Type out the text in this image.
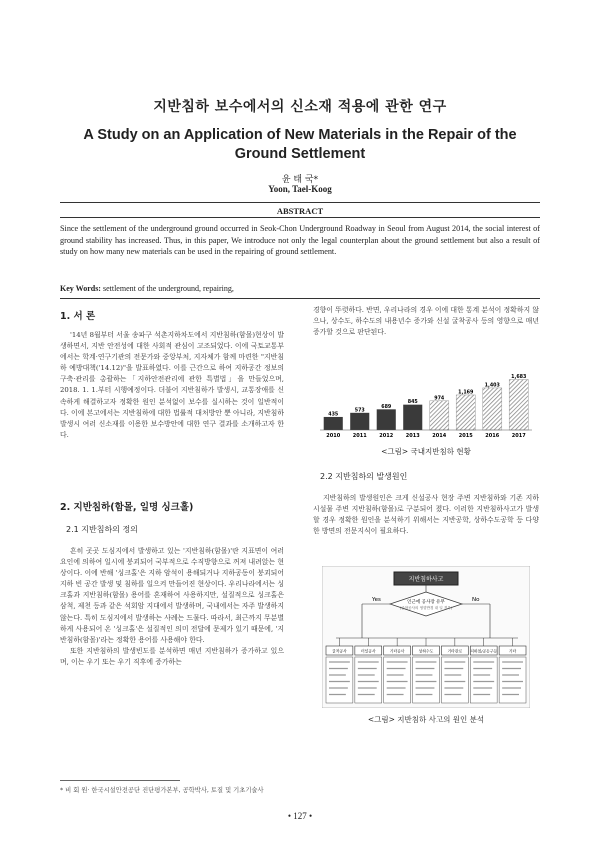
지반침하 보수에서의 신소재 적용에 관한 연구
A Study on an Application of New Materials in the Repair of the Ground Settlement
윤 태 국*
Yoon, Tael-Koog
ABSTRACT
Since the settlement of the underground ground occurred in Seok-Chon Underground Roadway in Seoul from August 2014, the social interest of ground stability has increased. Thus, in this paper, We introduce not only the legal counterplan about the ground settlement but also a result of study on how many new materials can be used in the repairing of ground settlement.
Key Words: settlement of the underground, repairing,
1. 서 론

'14년 8월부터 서울 송파구 석촌지하차도에서 지반침하(함몰)현상이 발생하면서, 지반 안전성에 대한 사회적 관심이 고조되었다. 이에 국토교통부에서는 학계·연구기관의 전문가와 중앙부처, 지자체가 함께 마련한 "지반침하 예방대책('14.12)"을 발표하였다. 이를 근간으로 하여 지하공간 정보의 구축·관리를 총괄하는「지하안전관리에 관한 특별법」을 만들었으며, 2018. 1. 1.부터 시행예정이다. 더불어 지반침하가 발생시, 교통장애를 신속하게 해결하고자 정확한 원인 분석없이 보수를 실시하는 것이 일반적이다. 이에 본고에서는 지반침하에 대한 법률적 대처방안 뿐 아니라, 지반침하 발생시 여러 신소재를 이용한 보수방안에 대한 연구 결과를 소개하고자 한다.

2. 지반침하(함몰, 일명 싱크홀)
2.1 지반침하의 정의

흔히 곳곳 도심지에서 발생하고 있는 '지반침하(함몰)'란 지표면이 여러 요인에 의하여 일시에 붕괴되어 국부적으로 수직방향으로 꺼져 내려앉는 현상이다. 이에 반해 '싱크홀'은 지하 암석이 용해되거나 지하공동이 붕괴되어 지하 빈 공간 발생 및 침하를 일으켜 만들어진 현상이다. 우리나라에서는 싱크홀과 지반침하(함몰) 용어를 혼재하여 사용하지만, 설질적으로 싱크홀은 삼척, 제천 등과 같은 석회암 지대에서 발생하며, 국내에서는 자주 발생하지 않는다. 특히 도심지에서 발생하는 사례는 드물다. 따라서, 최근까지 무분별하게 사용되어 온 '싱크홀'은 설질적인 의미 전달에 문제가 있기 때문에, '지반침하(함몰)'라는 정확한 용어를 사용해야 한다.

또한 지반침하의 발생빈도를 분석하면 매년 지반침하가 증가하고 있으며, 이는 우기 또는 우기 직후에 증가하는

경향이 뚜렷하다. 반면, 우리나라의 경우 이에 대한 통계 분석이 정확하지 않으나, 상수도, 하수도의 내용년수 증가와 신설 굴착공사 등의 영향으로 매년 증가할 것으로 판단된다.

435
2010
573
2011
689
2012
845
2013
974
2014
1,169
2015
1,403
2016
1,683
2017
<그림> 국내지반침하 현황
2.2 지반침하의 발생원인

지반침하의 발생원인은 크게 신설공사 현장 주변 지반침하와 기존 지하시설물 주변 지반침하(함몰)로 구분되어 졌다. 이러한 지반침하사고가 발생할 경우 정확한 원인을 분석하기 위해서는 지반공학, 상하수도공학 등 다양한 방면의 전문지식이 필요하다.

지반침하사고
인근에 공사장 유무
(굴착공사의 영향반경 내 일 경우)
Yes	No
굴착공사	터널공사	기타공사	상하수도	기타관로 지하철/공동구등	기타
<그림> 지반침하 사고의 원인 분석
* 비 회 원· 한국시설안전공단 진단평가본부, 공학박사, 토질 및 기초기술사
• 127 •
